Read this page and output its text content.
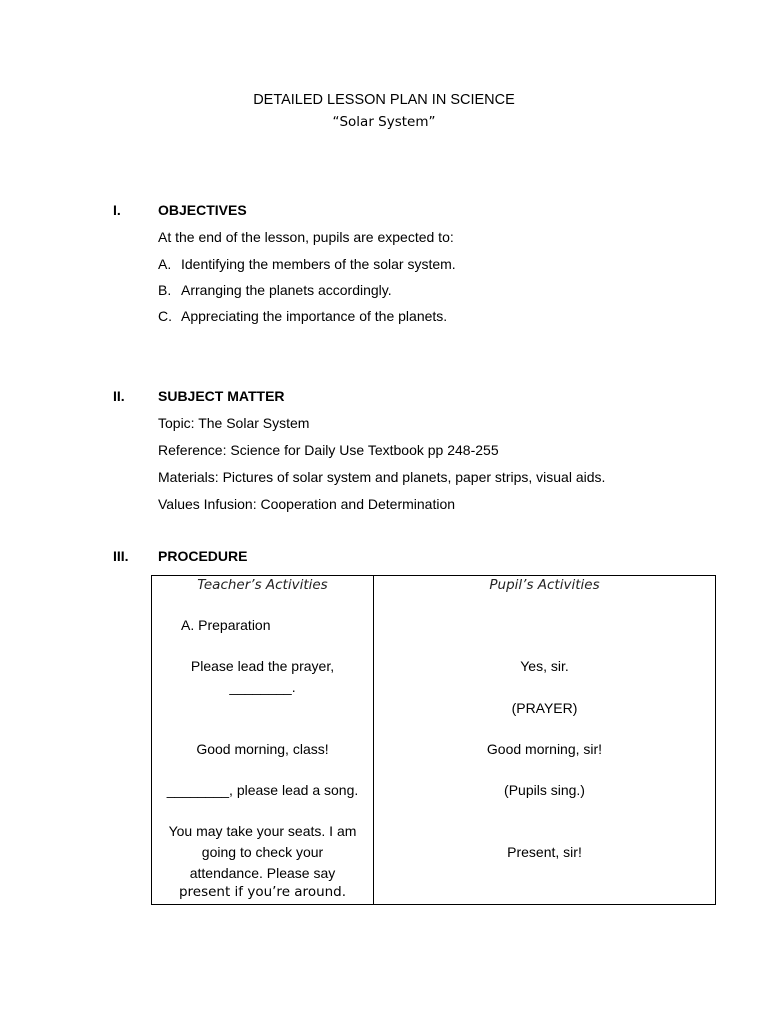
DETAILED LESSON PLAN IN SCIENCE
“Solar System”
I.	OBJECTIVES
At the end of the lesson, pupils are expected to:
A. Identifying the members of the solar system.
B. Arranging the planets accordingly.
C. Appreciating the importance of the planets.
II. SUBJECT MATTER
Topic: The Solar System
Reference: Science for Daily Use Textbook pp 248-255
Materials: Pictures of solar system and planets, paper strips, visual aids.
Values Infusion: Cooperation and Determination
III. PROCEDURE
Teacher’s Activities	Pupil’s Activities
A. Preparation
Please lead the prayer,
________.
Good morning, class!
________, please lead a song.
You may take your seats. I am
going to check your
attendance. Please say
present if you’re around.
Yes, sir.
(PRAYER)
Good morning, sir!
(Pupils sing.)
Present, sir!
